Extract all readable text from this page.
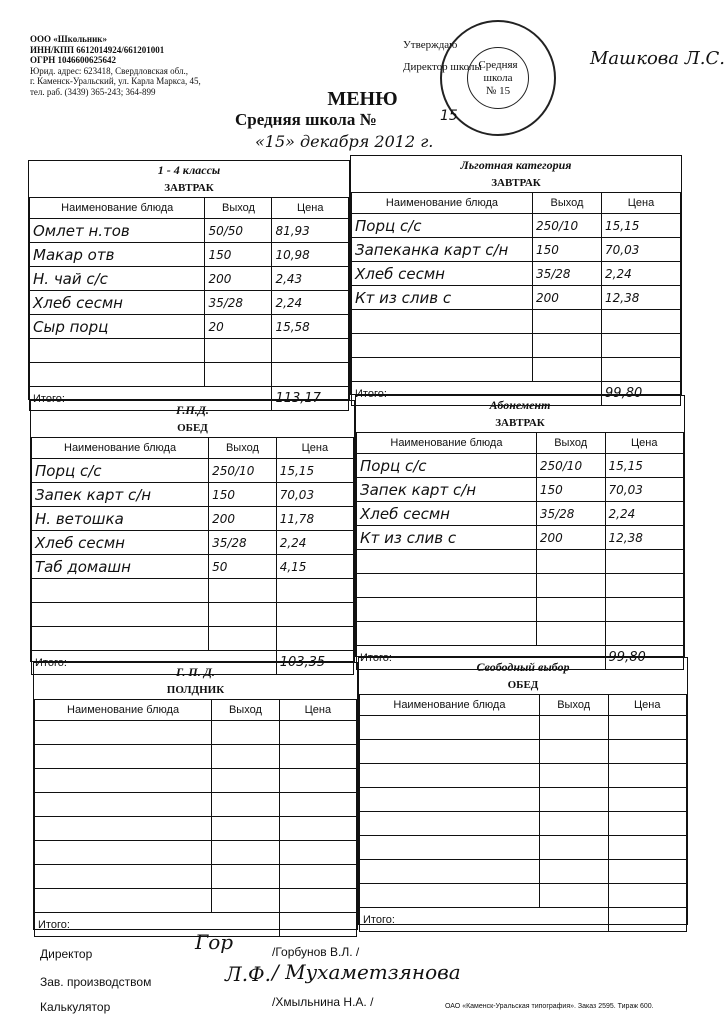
ООО «Школьник»
ИНН/КПП 6612014924/661201001
ОГРН 1046600625642
Юрид. адрес: 623418, Свердловская обл.,
г. Каменск-Уральский, ул. Карла Маркса, 45,
тел. раб. (3439) 365-243; 364-899
Утверждаю
Директор школы	Машкова Л.С.
Средняя
школа
№ 15
МЕНЮ
Средняя школа №	15
«15» декабря 2012 г.
1 - 4 классы
ЗАВТРАК
Наименование блюда	Выход	Цена
Омлет н.тов	50/50	81,93
Макар отв	150	10,98
Н. чай с/с	200	2,43
Хлеб сесмн	35/28	2,24
Сыр порц	20	15,58

Итого:		113,17
Льготная категория
ЗАВТРАК
Наименование блюда	Выход	Цена
Порц с/с	250/10	15,15
Запеканка карт с/н	150	70,03
Хлеб сесмн	35/28	2,24
Кт из слив с	200	12,38

Итого:		99,80
Г.П.Д.
ОБЕД
Наименование блюда	Выход	Цена
Порц с/с	250/10	15,15
Запек карт с/н	150	70,03
Н. ветошка	200	11,78
Хлеб сесмн	35/28	2,24
Таб домашн	50	4,15

Итого:		103,35
Абонемент
ЗАВТРАК
Наименование блюда	Выход	Цена
Порц с/с	250/10	15,15
Запек карт с/н	150	70,03
Хлеб сесмн	35/28	2,24
Кт из слив с	200	12,38

Итого:		99,80
Г. П. Д.
ПОЛДНИК
Наименование блюда	Выход	Цена

Итого:		
Свободный выбор
ОБЕД
Наименование блюда	Выход	Цена

Итого:		
Директор	Гор	/Горбунов В.Л. /
Зав. производством	Л.Ф. / Мухаметзянова
Калькулятор	/Хмыльнина Н.А. /	ОАО «Каменск-Уральская типография». Заказ 2595. Тираж 600.
